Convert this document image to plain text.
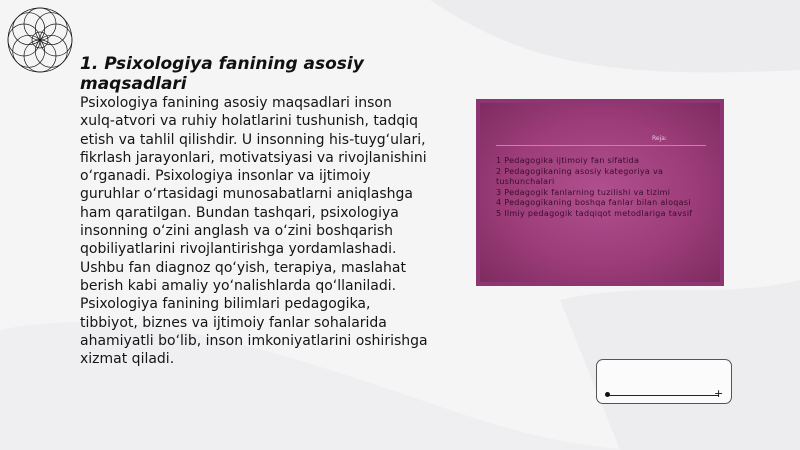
1. Psixologiya fanining asosiy maqsadlari
Psixologiya fanining asosiy maqsadlari inson xulq-atvori va ruhiy holatlarini tushunish, tadqiq etish va tahlil qilishdir. U insonning his-tuyg‘ulari, fikrlash jarayonlari, motivatsiyasi va rivojlanishini o‘rganadi. Psixologiya insonlar va ijtimoiy guruhlar o‘rtasidagi munosabatlarni aniqlashga ham qaratilgan. Bundan tashqari, psixologiya insonning o‘zini anglash va o‘zini boshqarish qobiliyatlarini rivojlantirishga yordamlashadi. Ushbu fan diagnoz qo‘yish, terapiya, maslahat berish kabi amaliy yo‘nalishlarda qo‘llaniladi. Psixologiya fanining bilimlari pedagogika, tibbiyot, biznes va ijtimoiy fanlar sohalarida ahamiyatli bo‘lib, inson imkoniyatlarini oshirishga xizmat qiladi.
Reja:
1 Pedagogika ijtimoiy fan sifatida
2 Pedagogikaning asosiy kategoriya va tushunchalari
3 Pedagogik fanlarning tuzilishi va tizimi
4 Pedagogikaning boshqa fanlar bilan aloqasi
5 Ilmiy pedagogik tadqiqot metodlariga tavsif
+
